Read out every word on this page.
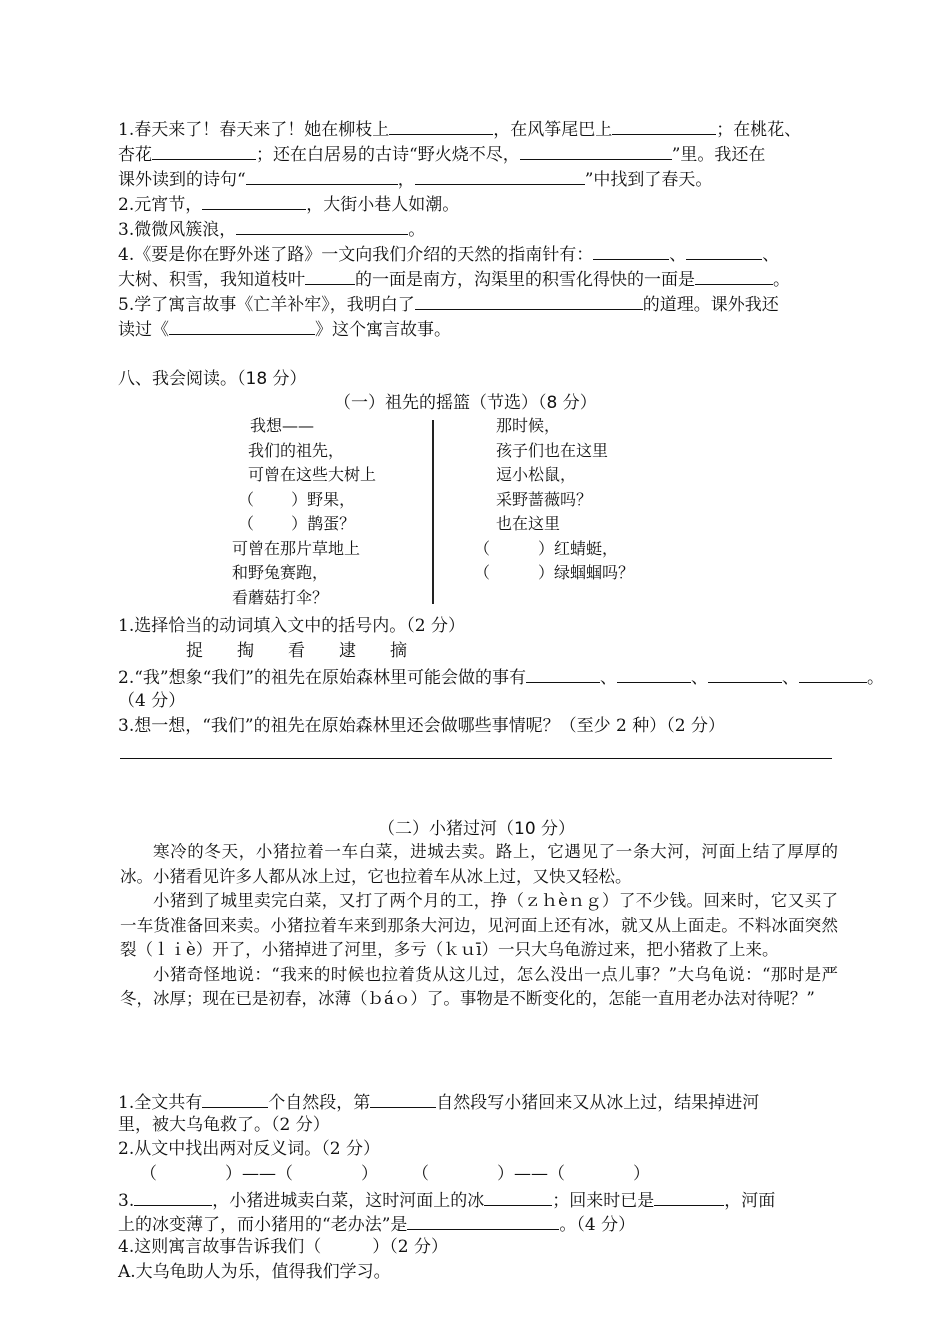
1.春天来了！春天来了！她在柳枝上	，在风筝尾巴上	；在桃花、
杏花	；还在白居易的古诗“野火烧不尽，	”里。我还在
课外读到的诗句“	，	”中找到了春天。
2.元宵节，	，大街小巷人如潮。
3.微微风簇浪，	。
4.《要是你在野外迷了路》一文向我们介绍的天然的指南针有：	、	、
大树、积雪，我知道枝叶	的一面是南方，沟渠里的积雪化得快的一面是	。
5.学了寓言故事《亡羊补牢》，我明白了	的道理。课外我还
读过《	》这个寓言故事。
八、我会阅读。（18 分）
（一）祖先的摇篮（节选）（8 分）
我想——
我们的祖先，
可曾在这些大树上
（　　 ）野果，
（　　 ）鹊蛋？
可曾在那片草地上
和野兔赛跑，
看蘑菇打伞？
那时候，
孩子们也在这里
逗小松鼠，
采野蔷薇吗？
也在这里
（　　　）红蜻蜓，
（　　　）绿蝈蝈吗？
1.选择恰当的动词填入文中的括号内。（2 分）
捉　　掏　　看　　逮　　摘
2.“我”想象“我们”的祖先在原始森林里可能会做的事有	、	、	、	。
（4 分）
3.想一想，“我们”的祖先在原始森林里还会做哪些事情呢？（至少 2 种）（2 分）
（二）小猪过河（10 分）

寒冷的冬天，小猪拉着一车白菜，进城去卖。路上，它遇见了一条大河，河面上结了厚厚的冰。小猪看见许多人都从冰上过，它也拉着车从冰上过，又快又轻松。

小猪到了城里卖完白菜，又打了两个月的工，挣（ｚｈèｎｇ）了不少钱。回来时，它又买了一车货准备回来卖。小猪拉着车来到那条大河边，见河面上还有冰，就又从上面走。不料冰面突然裂（ｌｉè）开了，小猪掉进了河里，多亏（ｋｕī）一只大乌龟游过来，把小猪救了上来。

小猪奇怪地说：“我来的时候也拉着货从这儿过，怎么没出一点儿事？”大乌龟说：“那时是严冬，冰厚；现在已是初春，冰薄（ｂáｏ）了。事物是不断变化的，怎能一直用老办法对待呢？”

1.全文共有	个自然段，第	自然段写小猪回来又从冰上过，结果掉进河
里，被大乌龟救了。（2 分）
2.从文中找出两对反义词。（2 分）
（　　　　）——（　　　　）　　　（　　　　）——（　　　　）
3.	，小猪进城卖白菜，这时河面上的冰	；回来时已是	，河面
上的冰变薄了，而小猪用的“老办法”是	。（4 分）
4.这则寓言故事告诉我们（　　　）（2 分）
A.大乌龟助人为乐，值得我们学习。
